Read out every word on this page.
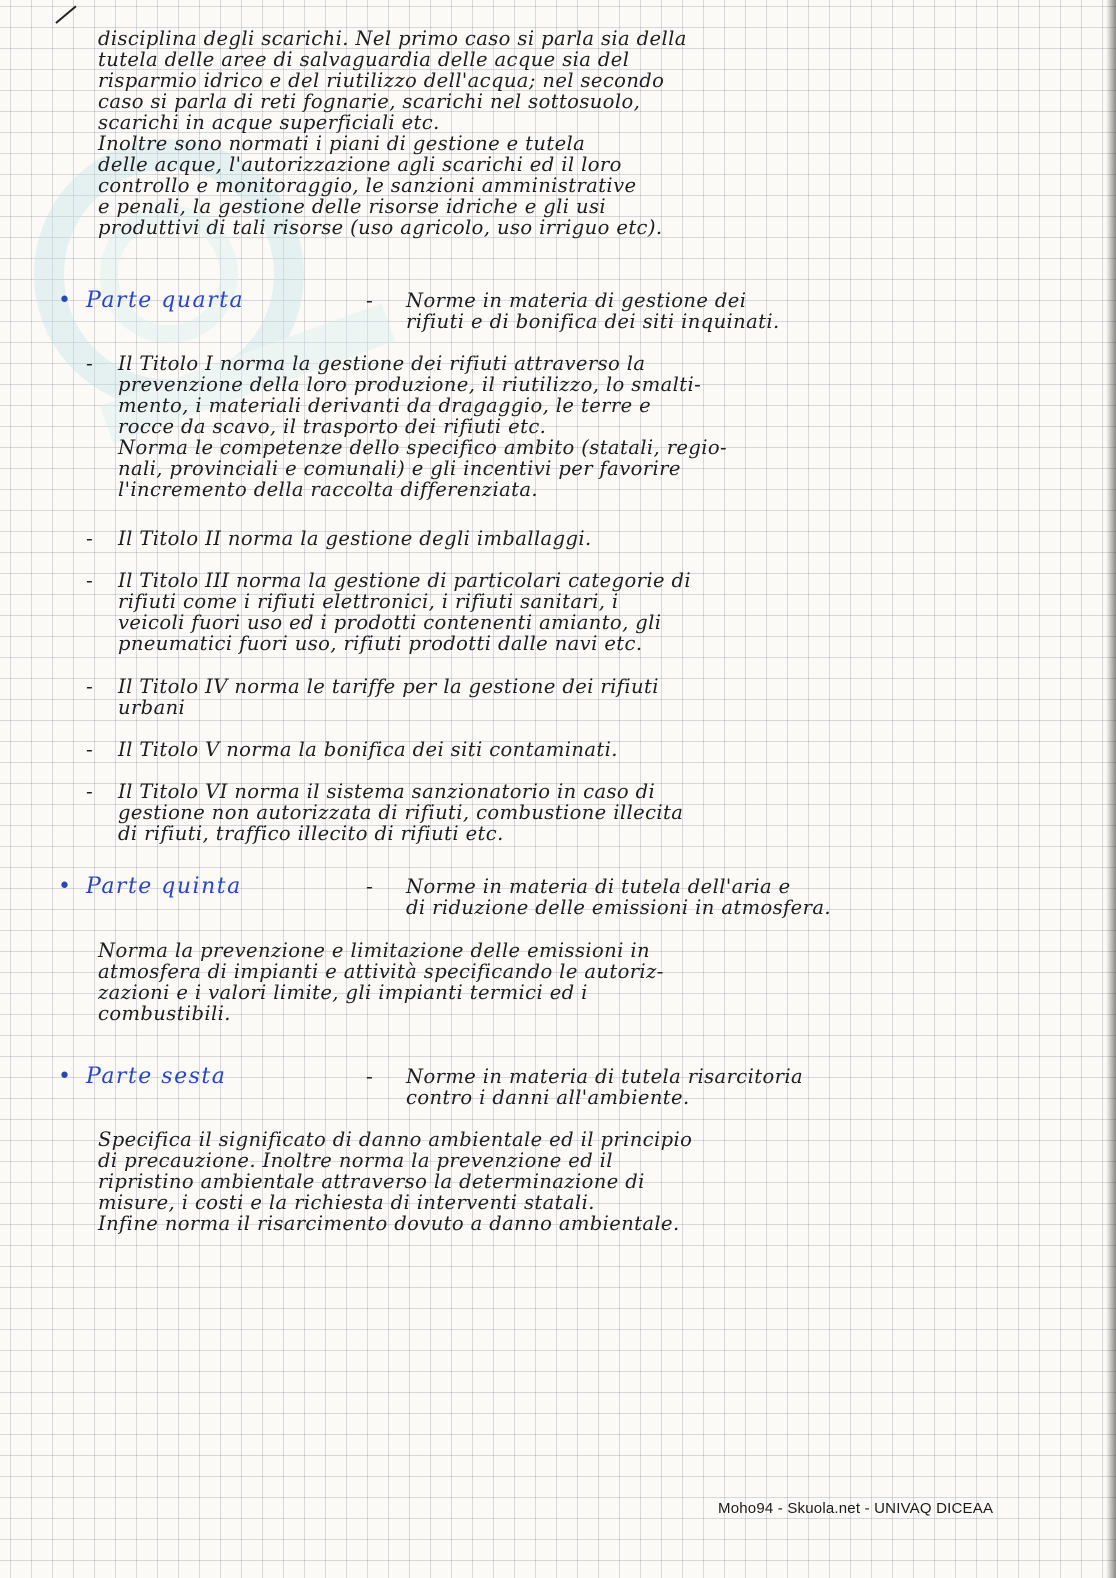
disciplina degli scarichi. Nel primo caso si parla sia della
tutela delle aree di salvaguardia delle acque sia del
risparmio idrico e del riutilizzo dell'acqua; nel secondo
caso si parla di reti fognarie, scarichi nel sottosuolo,
scarichi in acque superficiali etc.
Inoltre sono normati i piani di gestione e tutela
delle acque, l'autorizzazione agli scarichi ed il loro
controllo e monitoraggio, le sanzioni amministrative
e penali, la gestione delle risorse idriche e gli usi
produttivi di tali risorse (uso agricolo, uso irriguo etc).
• Parte quarta	-	Norme in materia di gestione dei
rifiuti e di bonifica dei siti inquinati.
-	Il Titolo I norma la gestione dei rifiuti attraverso la
prevenzione della loro produzione, il riutilizzo, lo smalti-
mento, i materiali derivanti da dragaggio, le terre e
rocce da scavo, il trasporto dei rifiuti etc.
Norma le competenze dello specifico ambito (statali, regio-
nali, provinciali e comunali) e gli incentivi per favorire
l'incremento della raccolta differenziata.
-	Il Titolo II norma la gestione degli imballaggi.
-	Il Titolo III norma la gestione di particolari categorie di
rifiuti come i rifiuti elettronici, i rifiuti sanitari, i
veicoli fuori uso ed i prodotti contenenti amianto, gli
pneumatici fuori uso, rifiuti prodotti dalle navi etc.
-	Il Titolo IV norma le tariffe per la gestione dei rifiuti
urbani
-	Il Titolo V norma la bonifica dei siti contaminati.
-	Il Titolo VI norma il sistema sanzionatorio in caso di
gestione non autorizzata di rifiuti, combustione illecita
di rifiuti, traffico illecito di rifiuti etc.
• Parte quinta	-	Norme in materia di tutela dell'aria e
di riduzione delle emissioni in atmosfera.
Norma la prevenzione e limitazione delle emissioni in
atmosfera di impianti e attività specificando le autoriz-
zazioni e i valori limite, gli impianti termici ed i
combustibili.
• Parte sesta	-	Norme in materia di tutela risarcitoria
contro i danni all'ambiente.
Specifica il significato di danno ambientale ed il principio
di precauzione. Inoltre norma la prevenzione ed il
ripristino ambientale attraverso la determinazione di
misure, i costi e la richiesta di interventi statali.
Infine norma il risarcimento dovuto a danno ambientale.
Moho94 - Skuola.net - UNIVAQ DICEAA
